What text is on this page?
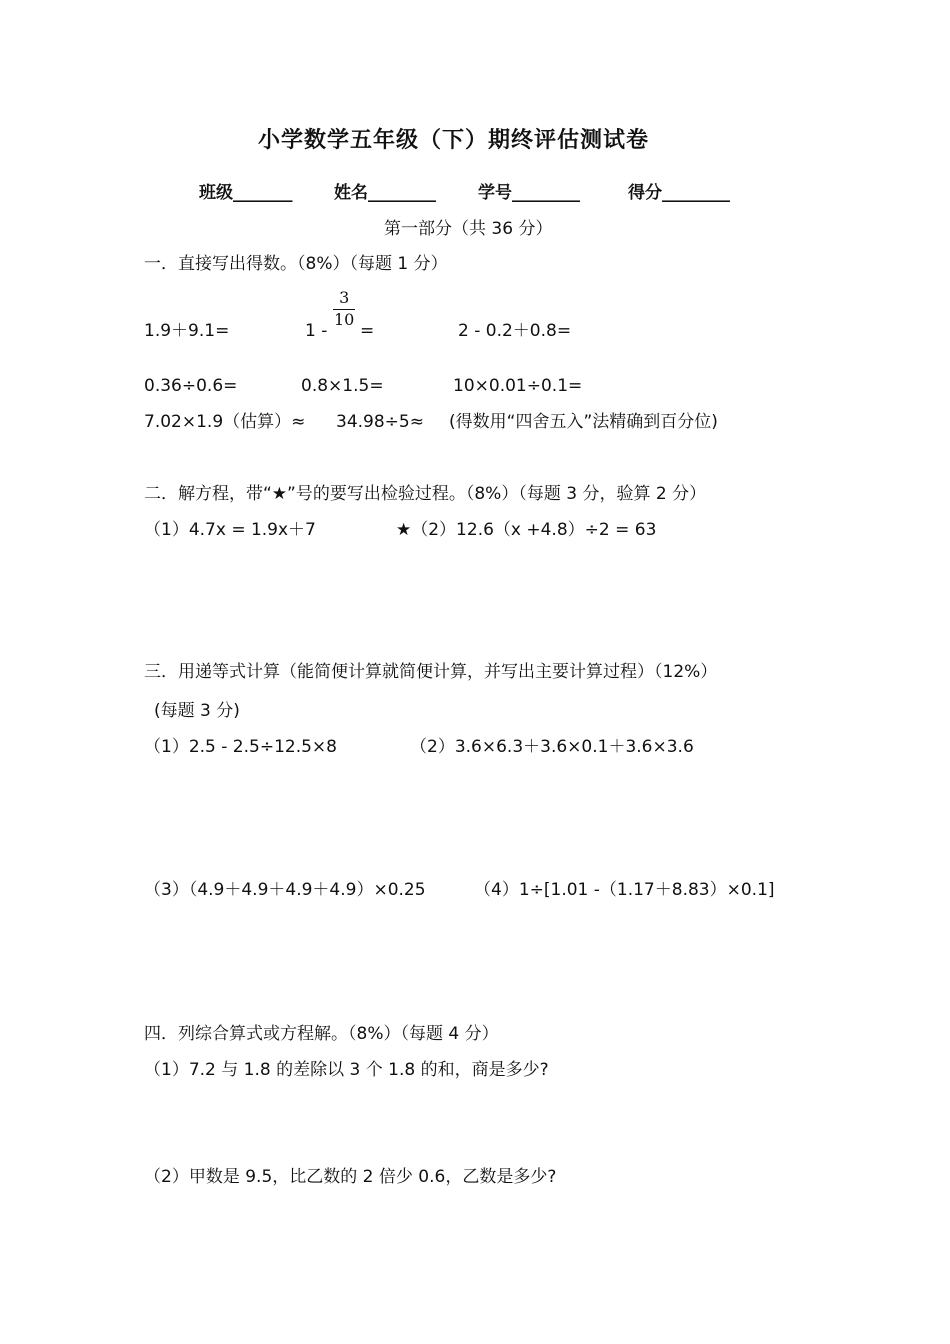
小学数学五年级（下）期终评估测试卷
班级_______ 姓名________ 学号________	得分________
第一部分（共 36 分）
一．直接写出得数。（8%）（每题 1 分）
1.9＋9.1=	1 -
3
10
=	2 - 0.2＋0.8=
0.36÷0.6=	0.8×1.5=	10×0.01÷0.1=
7.02×1.9（估算）≈ 34.98÷5≈ (得数用“四舍五入”法精确到百分位)
二．解方程，带“★”号的要写出检验过程。（8%）（每题 3 分，验算 2 分）
（1）4.7x = 1.9x＋7	★（2）12.6（x +4.8）÷2 = 63
三．用递等式计算（能简便计算就简便计算，并写出主要计算过程）（12%）
(每题 3 分)
（1）2.5 - 2.5÷12.5×8	（2）3.6×6.3＋3.6×0.1＋3.6×3.6
（3）（4.9＋4.9＋4.9＋4.9）×0.25	（4）1÷[1.01 -（1.17＋8.83）×0.1]
四．列综合算式或方程解。（8%）（每题 4 分）
（1）7.2 与 1.8 的差除以 3 个 1.8 的和，商是多少?
（2）甲数是 9.5，比乙数的 2 倍少 0.6，乙数是多少?
